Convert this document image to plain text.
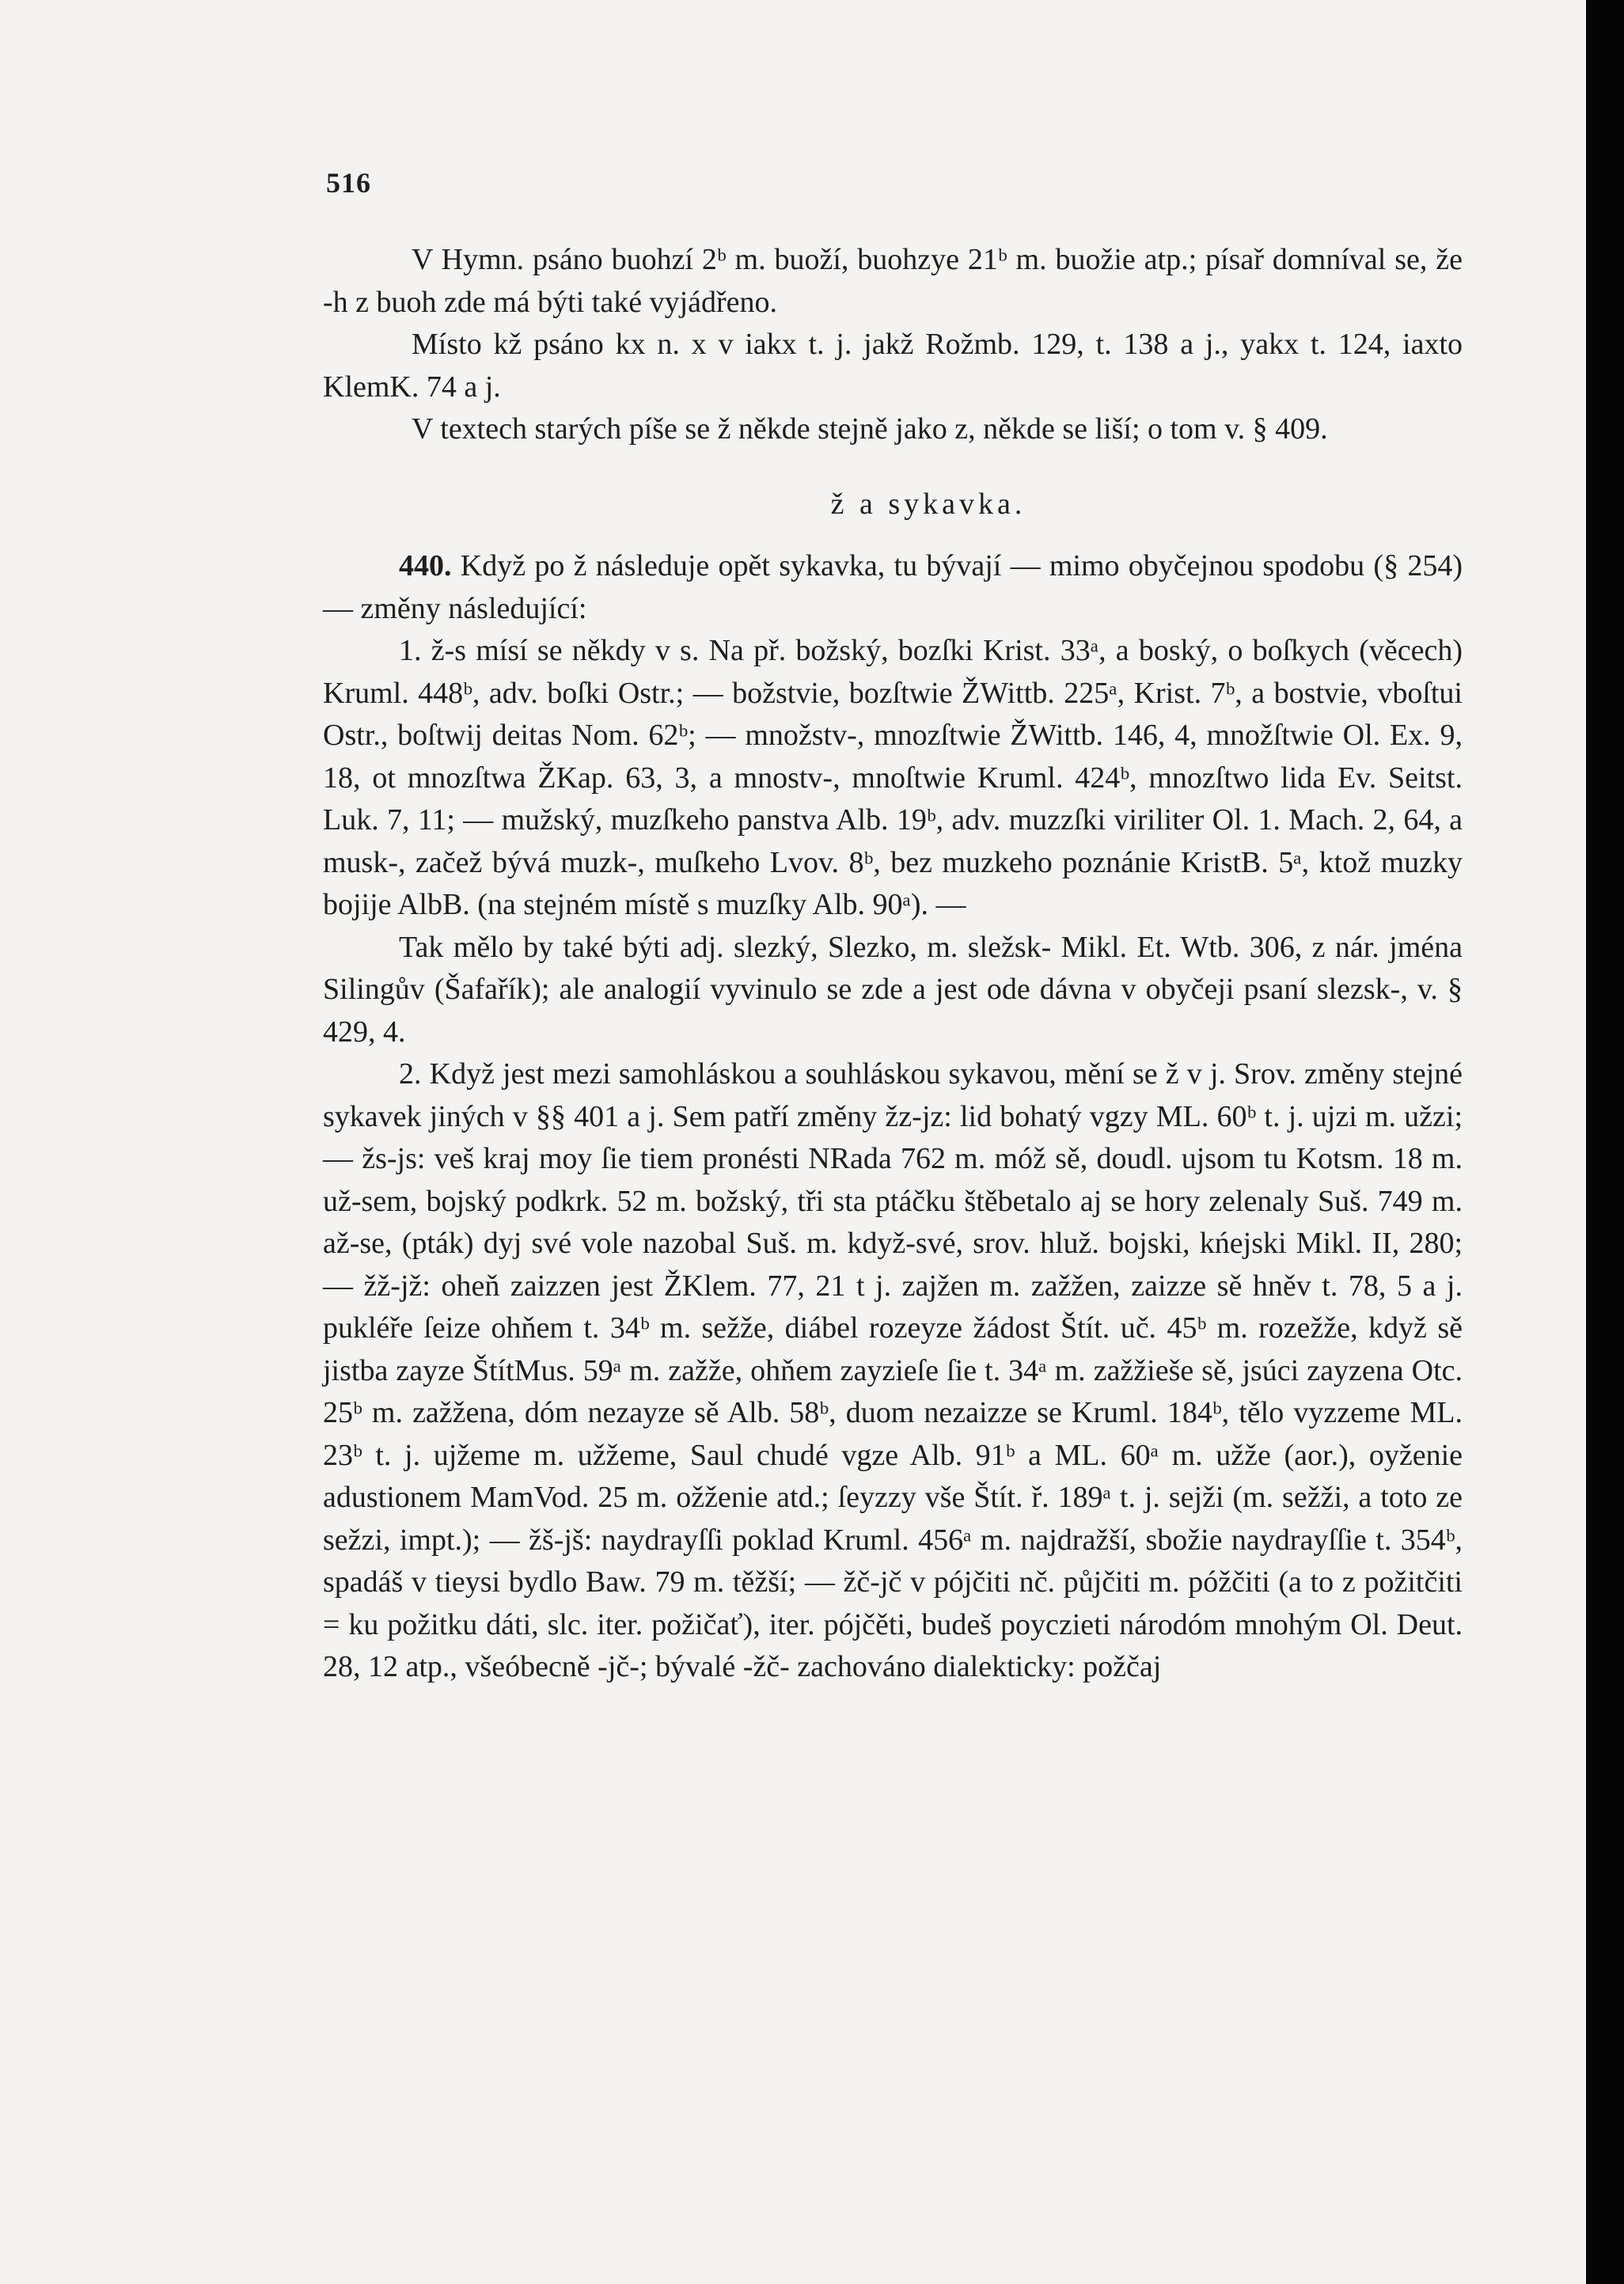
516

V Hymn. psáno buohzí 2ᵇ m. buoží, buohzye 21ᵇ m. buožie atp.; písař domníval se, že -h z buoh zde má býti také vyjádřeno.

Místo kž psáno kx n. x v iakx t. j. jakž Rožmb. 129, t. 138 a j., yakx t. 124, iaxto KlemK. 74 a j.

V textech starých píše se ž někde stejně jako z, někde se liší; o tom v. § 409.

ž a sykavka.

440. Když po ž následuje opět sykavka, tu bývají — mimo obyčejnou spodobu (§ 254) — změny následující:

1. ž-s mísí se někdy v s. Na př. božský, bozſki Krist. 33ᵃ, a boský, o boſkych (věcech) Kruml. 448ᵇ, adv. boſki Ostr.; — božstvie, bozſtwie ŽWittb. 225ᵃ, Krist. 7ᵇ, a bostvie, vboſtui Ostr., boſtwij deitas Nom. 62ᵇ; — množstv-, mnozſtwie ŽWittb. 146, 4, množſtwie Ol. Ex. 9, 18, ot mnozſtwa ŽKap. 63, 3, a mnostv-, mnoſtwie Kruml. 424ᵇ, mnozſtwo lida Ev. Seitst. Luk. 7, 11; — mužský, muzſkeho panstva Alb. 19ᵇ, adv. muzzſki viriliter Ol. 1. Mach. 2, 64, a musk-, začež bývá muzk-, muſkeho Lvov. 8ᵇ, bez muzkeho poznánie KristB. 5ᵃ, ktož muzky bojije AlbB. (na stejném místě s muzſky Alb. 90ᵃ). —

Tak mělo by také býti adj. slezký, Slezko, m. sležsk- Mikl. Et. Wtb. 306, z nár. jména Silingův (Šafařík); ale analogií vyvinulo se zde a jest ode dávna v obyčeji psaní slezsk-, v. § 429, 4.

2. Když jest mezi samohláskou a souhláskou sykavou, mění se ž v j. Srov. změny stejné sykavek jiných v §§ 401 a j. Sem patří změny žz-jz: lid bohatý vgzy ML. 60ᵇ t. j. ujzi m. užzi; — žs-js: veš kraj moy ſie tiem pronésti NRada 762 m. móž sě, doudl. ujsom tu Kotsm. 18 m. už-sem, bojský podkrk. 52 m. božský, tři sta ptáčku štěbetalo aj se hory zelenaly Suš. 749 m. až-se, (pták) dyj své vole nazobal Suš. m. když-své, srov. hluž. bojski, kńejski Mikl. II, 280; — žž-jž: oheň zaizzen jest ŽKlem. 77, 21 t j. zajžen m. zažžen, zaizze sě hněv t. 78, 5 a j. pukléře ſeize ohňem t. 34ᵇ m. sežže, diábel rozeyze žádost Štít. uč. 45ᵇ m. rozežže, když sě jistba zayze ŠtítMus. 59ᵃ m. zažže, ohňem zayzieſe ſie t. 34ᵃ m. zažžieše sě, jsúci zayzena Otc. 25ᵇ m. zažžena, dóm nezayze sě Alb. 58ᵇ, duom nezaizze se Kruml. 184ᵇ, tělo vyzzeme ML. 23ᵇ t. j. ujžeme m. užžeme, Saul chudé vgze Alb. 91ᵇ a ML. 60ᵃ m. užže (aor.), oyženie adustionem MamVod. 25 m. ožženie atd.; ſeyzzy vše Štít. ř. 189ᵃ t. j. sejži (m. sežži, a toto ze sežzi, impt.); — žš-jš: naydrayſſi poklad Kruml. 456ᵃ m. najdražší, sbožie naydrayſſie t. 354ᵇ, spadáš v tieysi bydlo Baw. 79 m. těžší; — žč-jč v pójčiti nč. půjčiti m. póžčiti (a to z požitčiti = ku požitku dáti, slc. iter. požičať), iter. pójčěti, budeš poyczieti národóm mnohým Ol. Deut. 28, 12 atp., všeóbecně -jč-; bývalé -žč- zachováno dialekticky: požčaj
